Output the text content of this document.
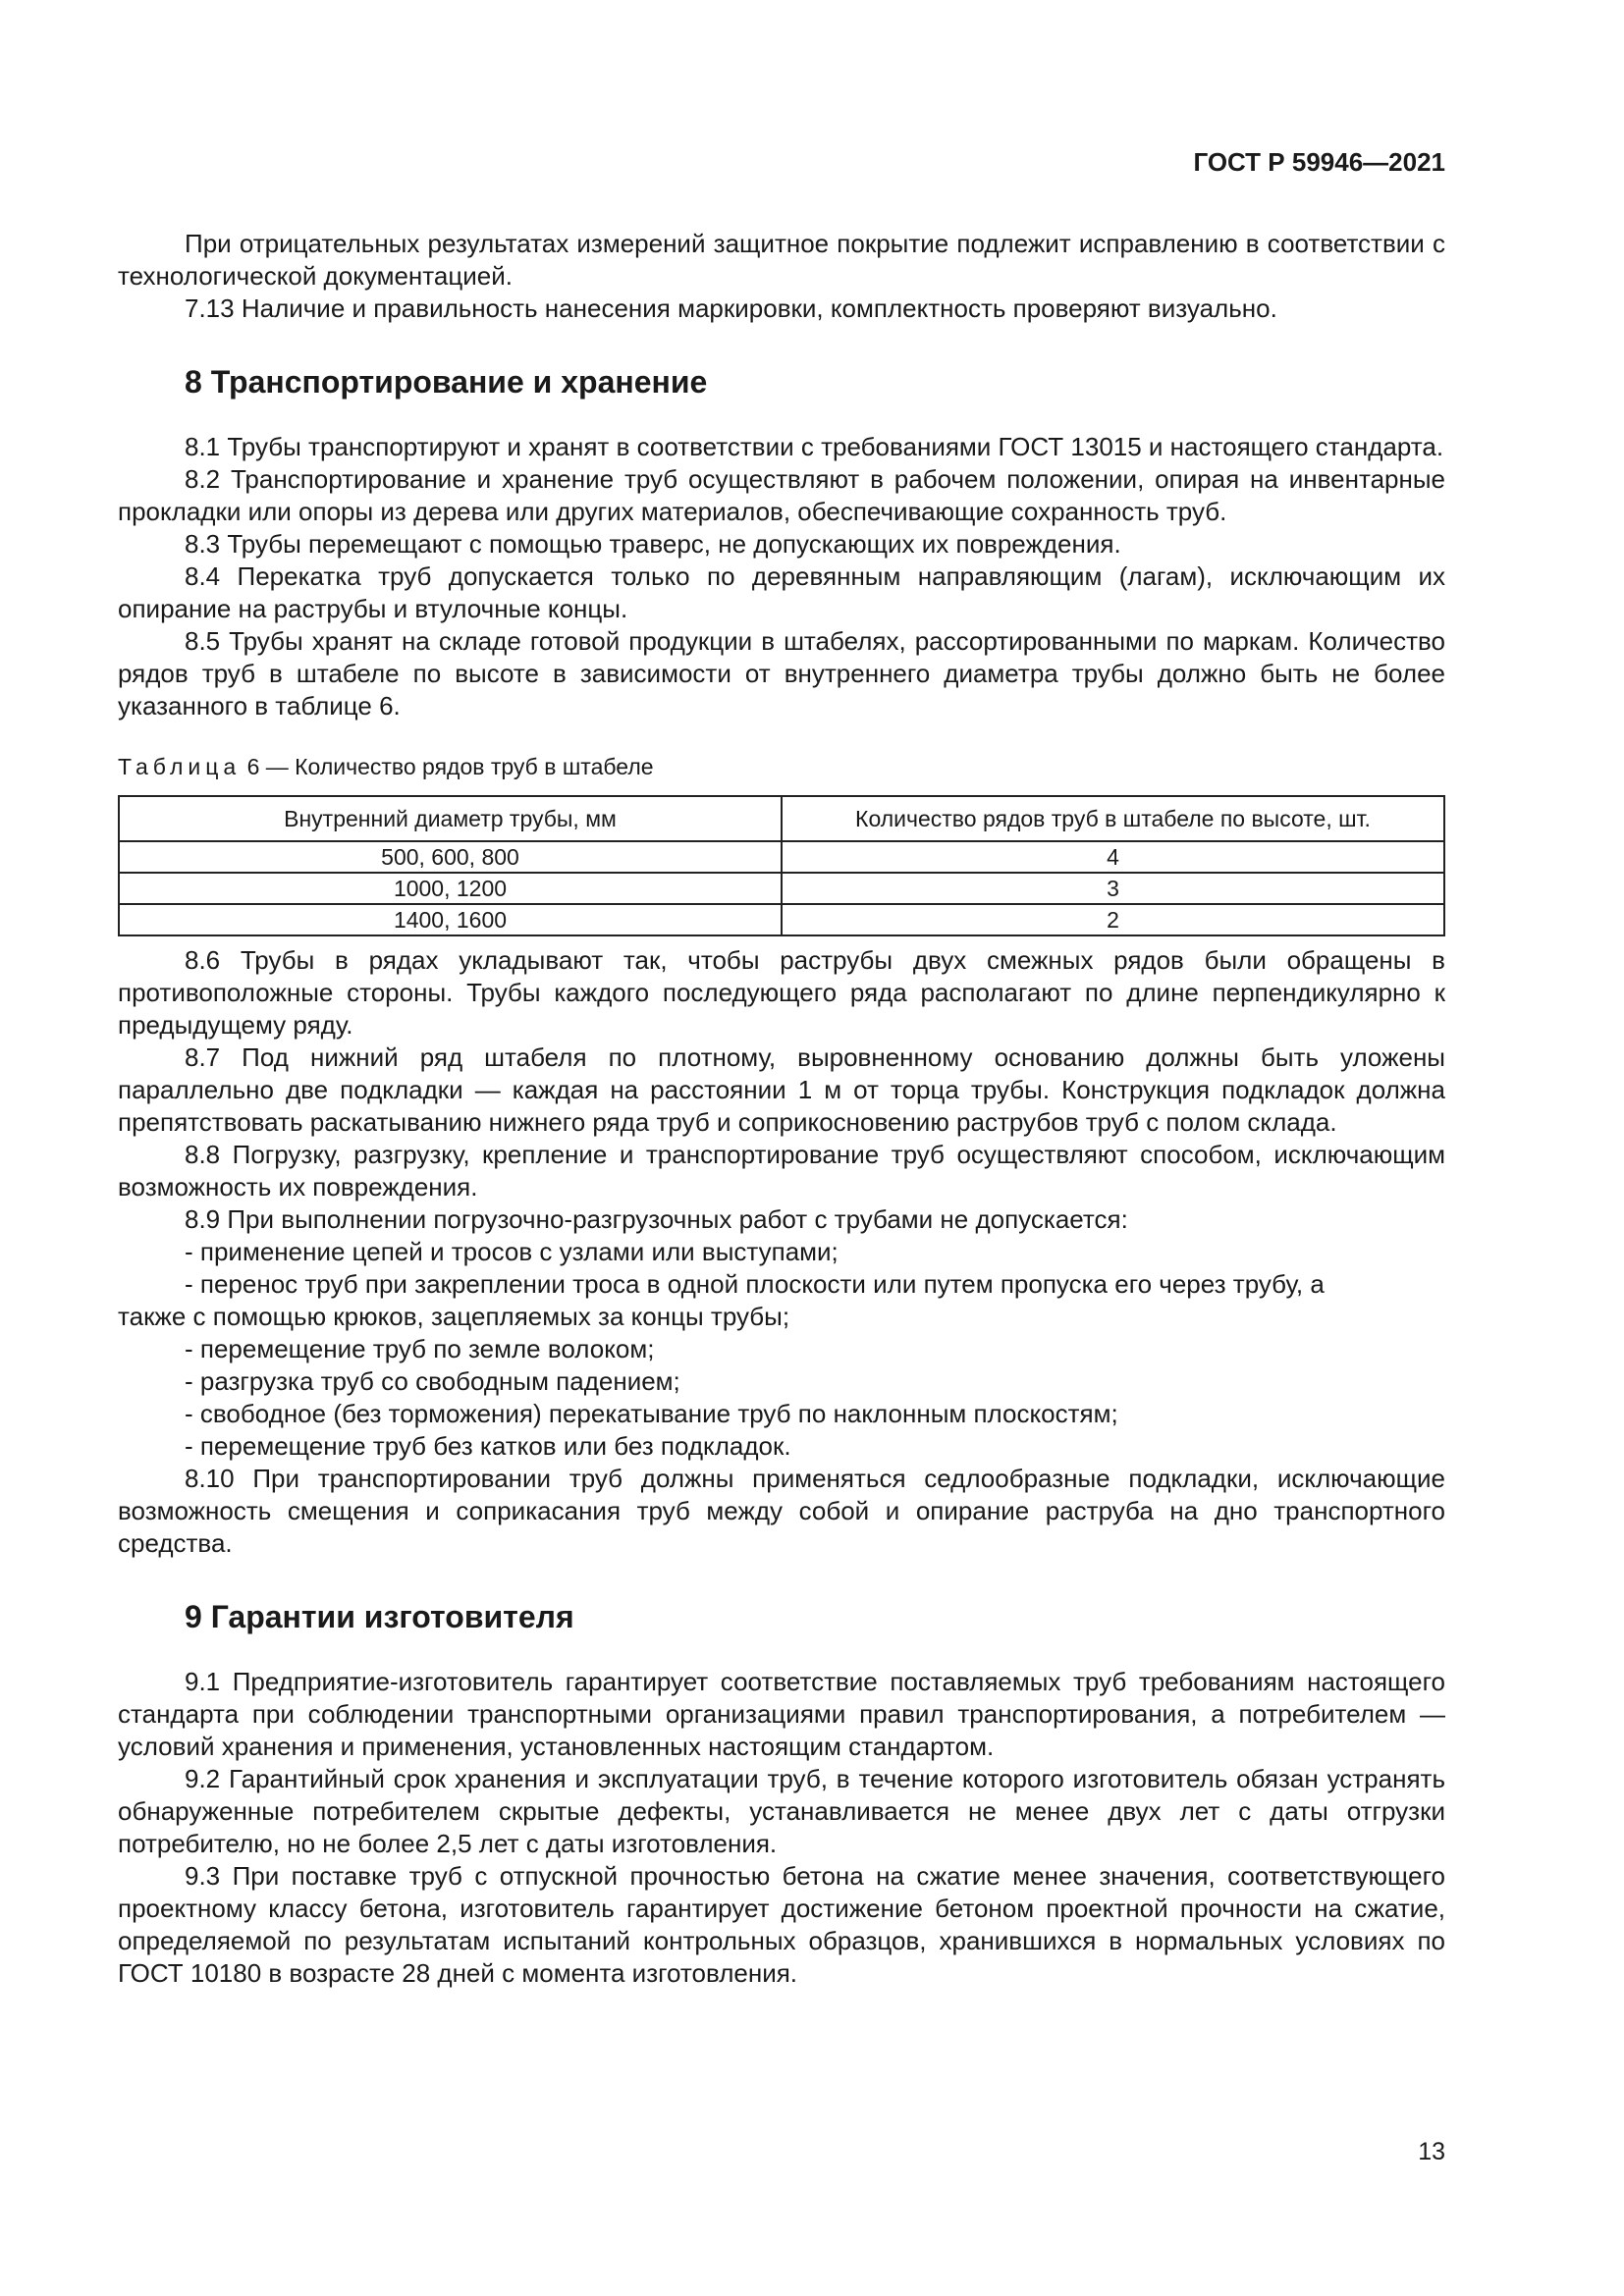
ГОСТ Р 59946—2021

При отрицательных результатах измерений защитное покрытие подлежит исправлению в соответствии с технологической документацией.

7.13 Наличие и правильность нанесения маркировки, комплектность проверяют визуально.

8 Транспортирование и хранение

8.1 Трубы транспортируют и хранят в соответствии с требованиями ГОСТ 13015 и настоящего стандарта.

8.2 Транспортирование и хранение труб осуществляют в рабочем положении, опирая на инвентарные прокладки или опоры из дерева или других материалов, обеспечивающие сохранность труб.

8.3 Трубы перемещают с помощью траверс, не допускающих их повреждения.

8.4 Перекатка труб допускается только по деревянным направляющим (лагам), исключающим их опирание на раструбы и втулочные концы.

8.5 Трубы хранят на складе готовой продукции в штабелях, рассортированными по маркам. Количество рядов труб в штабеле по высоте в зависимости от внутреннего диаметра трубы должно быть не более указанного в таблице 6.

Таблица 6 — Количество рядов труб в штабеле
Внутренний диаметр трубы, мм	Количество рядов труб в штабеле по высоте, шт.
500, 600, 800	4
1000, 1200	3
1400, 1600	2

8.6 Трубы в рядах укладывают так, чтобы раструбы двух смежных рядов были обращены в противоположные стороны. Трубы каждого последующего ряда располагают по длине перпендикулярно к предыдущему ряду.

8.7 Под нижний ряд штабеля по плотному, выровненному основанию должны быть уложены параллельно две подкладки — каждая на расстоянии 1 м от торца трубы. Конструкция подкладок должна препятствовать раскатыванию нижнего ряда труб и соприкосновению раструбов труб с полом склада.

8.8 Погрузку, разгрузку, крепление и транспортирование труб осуществляют способом, исключающим возможность их повреждения.

8.9 При выполнении погрузочно-разгрузочных работ с трубами не допускается:

- применение цепей и тросов с узлами или выступами;

- перенос труб при закреплении троса в одной плоскости или путем пропуска его через трубу, а

также с помощью крюков, зацепляемых за концы трубы;

- перемещение труб по земле волоком;

- разгрузка труб со свободным падением;

- свободное (без торможения) перекатывание труб по наклонным плоскостям;

- перемещение труб без катков или без подкладок.

8.10 При транспортировании труб должны применяться седлообразные подкладки, исключающие возможность смещения и соприкасания труб между собой и опирание раструба на дно транспортного средства.

9 Гарантии изготовителя

9.1 Предприятие-изготовитель гарантирует соответствие поставляемых труб требованиям настоящего стандарта при соблюдении транспортными организациями правил транспортирования, а потребителем — условий хранения и применения, установленных настоящим стандартом.

9.2 Гарантийный срок хранения и эксплуатации труб, в течение которого изготовитель обязан устранять обнаруженные потребителем скрытые дефекты, устанавливается не менее двух лет с даты отгрузки потребителю, но не более 2,5 лет с даты изготовления.

9.3 При поставке труб с отпускной прочностью бетона на сжатие менее значения, соответствующего проектному классу бетона, изготовитель гарантирует достижение бетоном проектной прочности на сжатие, определяемой по результатам испытаний контрольных образцов, хранившихся в нормальных условиях по ГОСТ 10180 в возрасте 28 дней с момента изготовления.

13
